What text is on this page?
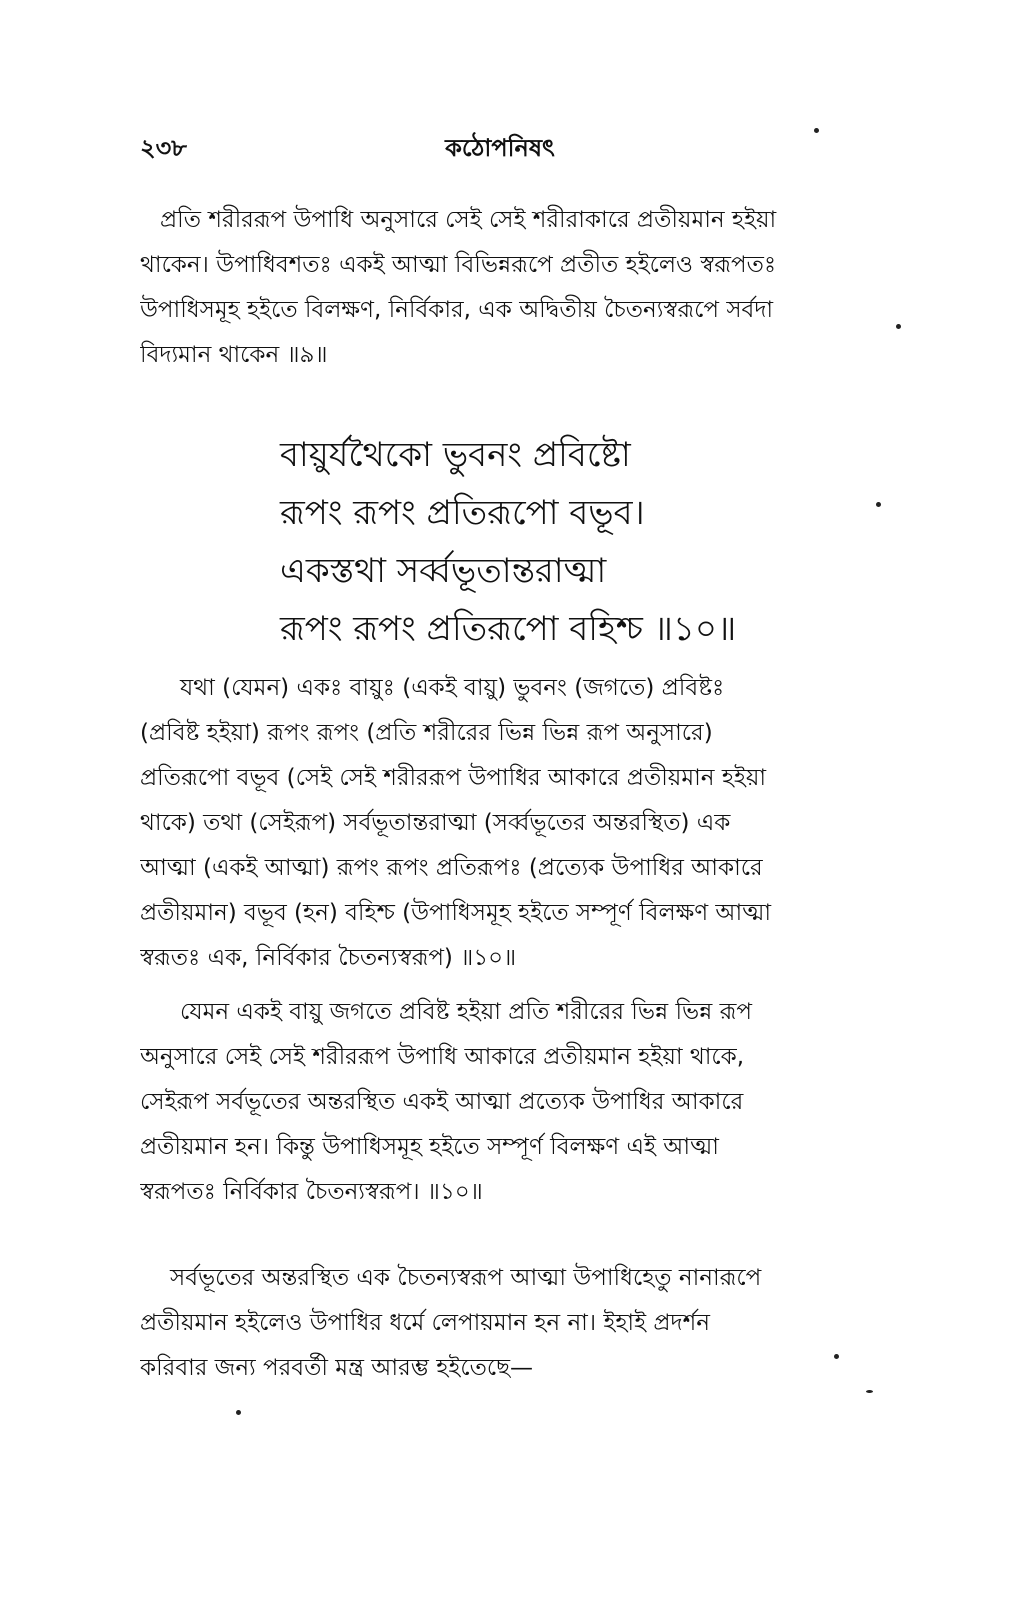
২৩৮	কঠোপনিষৎ
প্রতি শরীররূপ উপাধি অনুসারে সেই সেই শরীরাকারে প্রতীয়মান হইয়া
থাকেন। উপাধিবশতঃ একই আত্মা বিভিন্নরূপে প্রতীত হইলেও স্বরূপতঃ
উপাধিসমূহ হইতে বিলক্ষণ, নির্বিকার, এক অদ্বিতীয় চৈতন্যস্বরূপে সর্বদা
বিদ্যমান থাকেন ॥৯॥
বায়ুর্যথৈকো ভুবনং প্রবিষ্টো
রূপং রূপং প্রতিরূপো বভূব।
একস্তথা সর্ব্বভূতান্তরাত্মা
রূপং রূপং প্রতিরূপো বহিশ্চ ॥১০॥
যথা (যেমন) একঃ বায়ুঃ (একই বায়ু) ভুবনং (জগতে) প্রবিষ্টঃ
(প্রবিষ্ট হইয়া) রূপং রূপং (প্রতি শরীরের ভিন্ন ভিন্ন রূপ অনুসারে)
প্রতিরূপো বভূব (সেই সেই শরীররূপ উপাধির আকারে প্রতীয়মান হইয়া
থাকে) তথা (সেইরূপ) সর্বভূতান্তরাত্মা (সর্ব্বভূতের অন্তরস্থিত) এক
আত্মা (একই আত্মা) রূপং রূপং প্রতিরূপঃ (প্রত্যেক উপাধির আকারে
প্রতীয়মান) বভূব (হন) বহিশ্চ (উপাধিসমূহ হইতে সম্পূর্ণ বিলক্ষণ আত্মা
স্বরূতঃ এক, নির্বিকার চৈতন্যস্বরূপ) ॥১০॥
যেমন একই বায়ু জগতে প্রবিষ্ট হইয়া প্রতি শরীরের ভিন্ন ভিন্ন রূপ
অনুসারে সেই সেই শরীররূপ উপাধি আকারে প্রতীয়মান হইয়া থাকে,
সেইরূপ সর্বভূতের অন্তরস্থিত একই আত্মা প্রত্যেক উপাধির আকারে
প্রতীয়মান হন। কিন্তু উপাধিসমূহ হইতে সম্পূর্ণ বিলক্ষণ এই আত্মা
স্বরূপতঃ নির্বিকার চৈতন্যস্বরূপ। ॥১০॥
সর্বভূতের অন্তরস্থিত এক চৈতন্যস্বরূপ আত্মা উপাধিহেতু নানারূপে
প্রতীয়মান হইলেও উপাধির ধর্মে লেপায়মান হন না। ইহাই প্রদর্শন
করিবার জন্য পরবর্তী মন্ত্র আরম্ভ হইতেছে—
